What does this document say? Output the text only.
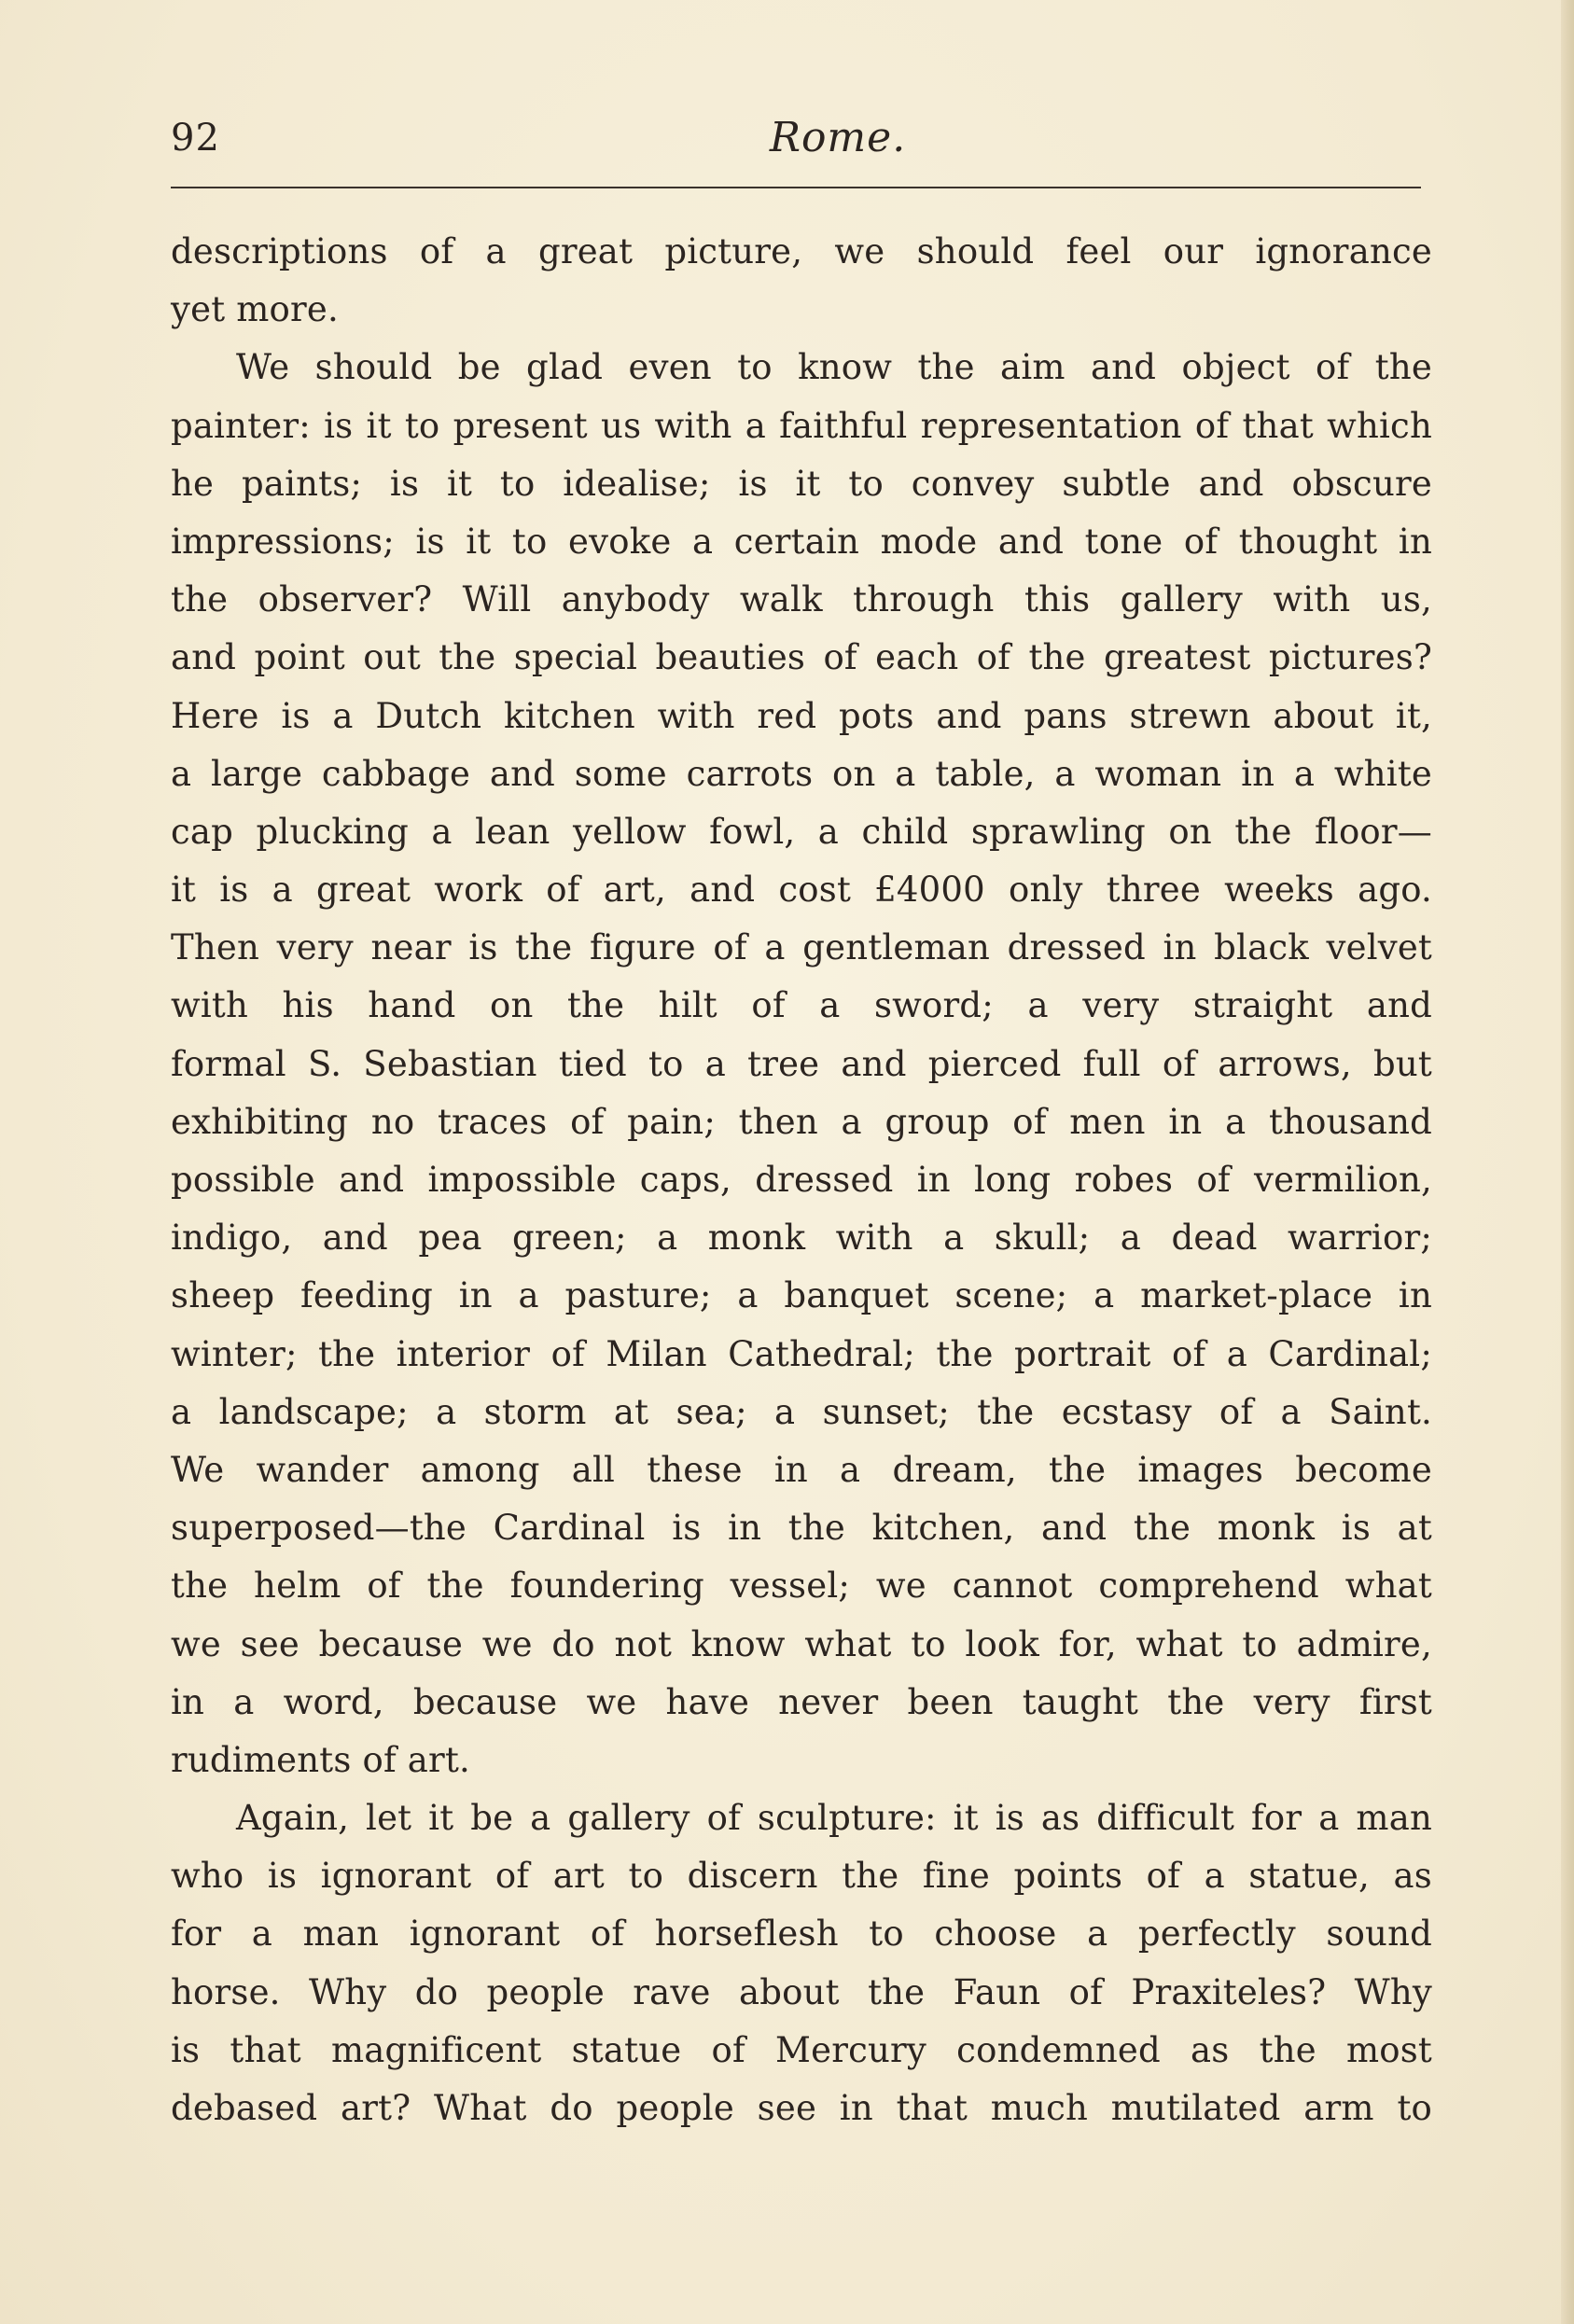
92	Rome.
descriptions of a great picture, we should feel our ignorance
yet more.
We should be glad even to know the aim and object of the
painter: is it to present us with a faithful representation of that which
he paints; is it to idealise; is it to convey subtle and obscure
impressions; is it to evoke a certain mode and tone of thought in
the observer? Will anybody walk through this gallery with us,
and point out the special beauties of each of the greatest pictures?
Here is a Dutch kitchen with red pots and pans strewn about it,
a large cabbage and some carrots on a table, a woman in a white
cap plucking a lean yellow fowl, a child sprawling on the floor—
it is a great work of art, and cost £4000 only three weeks ago.
Then very near is the figure of a gentleman dressed in black velvet
with his hand on the hilt of a sword; a very straight and
formal S. Sebastian tied to a tree and pierced full of arrows, but
exhibiting no traces of pain; then a group of men in a thousand
possible and impossible caps, dressed in long robes of vermilion,
indigo, and pea green; a monk with a skull; a dead warrior;
sheep feeding in a pasture; a banquet scene; a market-place in
winter; the interior of Milan Cathedral; the portrait of a Cardinal;
a landscape; a storm at sea; a sunset; the ecstasy of a Saint.
We wander among all these in a dream, the images become
superposed—the Cardinal is in the kitchen, and the monk is at
the helm of the foundering vessel; we cannot comprehend what
we see because we do not know what to look for, what to admire,
in a word, because we have never been taught the very first
rudiments of art.
Again, let it be a gallery of sculpture: it is as difficult for a man
who is ignorant of art to discern the fine points of a statue, as
for a man ignorant of horseflesh to choose a perfectly sound
horse. Why do people rave about the Faun of Praxiteles? Why
is that magnificent statue of Mercury condemned as the most
debased art? What do people see in that much mutilated arm to
